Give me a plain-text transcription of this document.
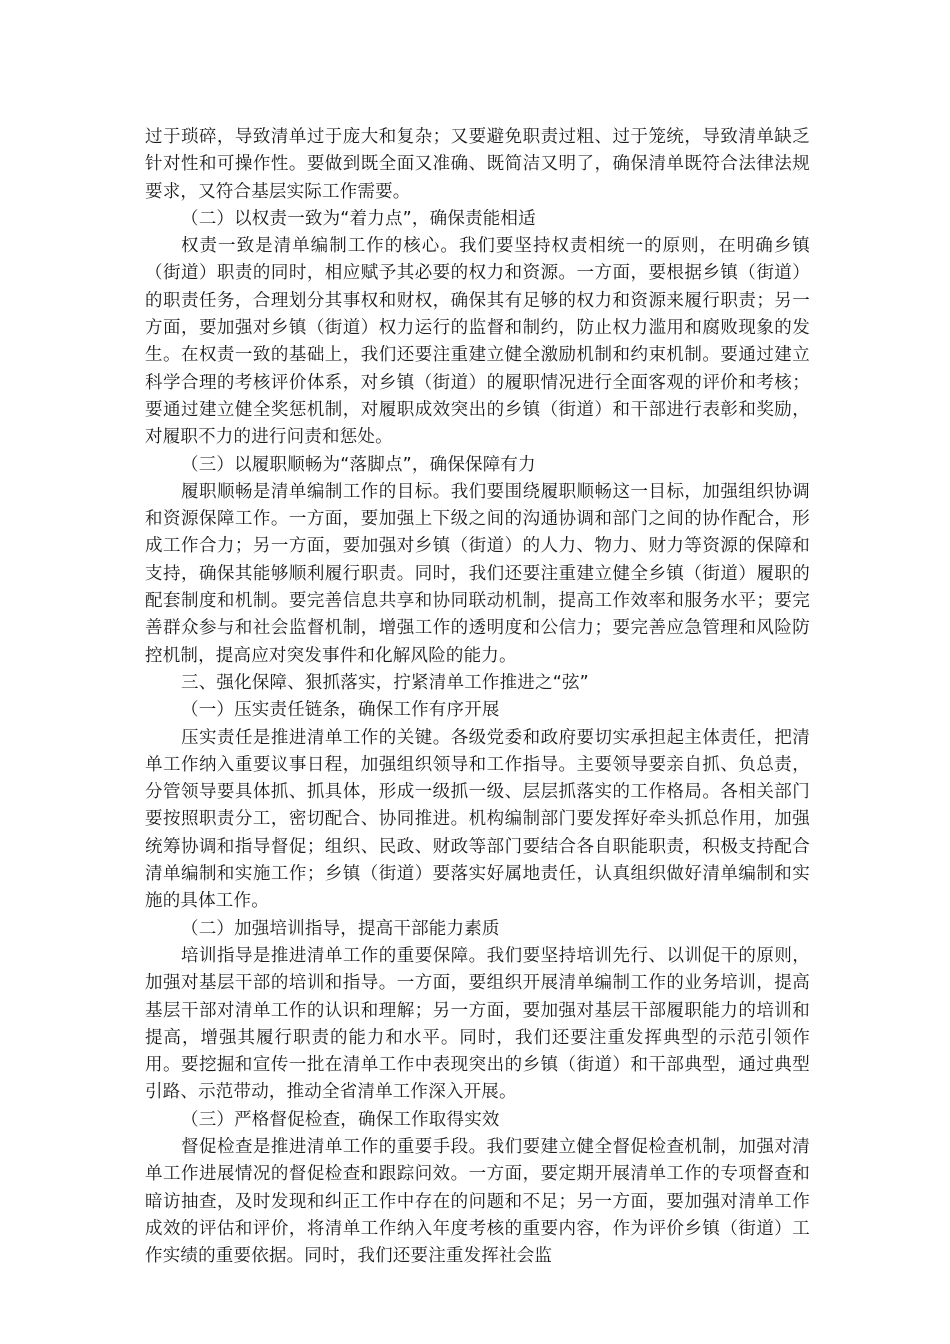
过于琐碎，导致清单过于庞大和复杂；又要避免职责过粗、过于笼统，导致清单缺乏针对性和可操作性。要做到既全面又准确、既简洁又明了，确保清单既符合法律法规要求，又符合基层实际工作需要。

（二）以权责一致为“着力点”，确保责能相适

权责一致是清单编制工作的核心。我们要坚持权责相统一的原则，在明确乡镇（街道）职责的同时，相应赋予其必要的权力和资源。一方面，要根据乡镇（街道）的职责任务，合理划分其事权和财权，确保其有足够的权力和资源来履行职责；另一方面，要加强对乡镇（街道）权力运行的监督和制约，防止权力滥用和腐败现象的发生。在权责一致的基础上，我们还要注重建立健全激励机制和约束机制。要通过建立科学合理的考核评价体系，对乡镇（街道）的履职情况进行全面客观的评价和考核；要通过建立健全奖惩机制，对履职成效突出的乡镇（街道）和干部进行表彰和奖励，对履职不力的进行问责和惩处。

（三）以履职顺畅为“落脚点”，确保保障有力

履职顺畅是清单编制工作的目标。我们要围绕履职顺畅这一目标，加强组织协调和资源保障工作。一方面，要加强上下级之间的沟通协调和部门之间的协作配合，形成工作合力；另一方面，要加强对乡镇（街道）的人力、物力、财力等资源的保障和支持，确保其能够顺利履行职责。同时，我们还要注重建立健全乡镇（街道）履职的配套制度和机制。要完善信息共享和协同联动机制，提高工作效率和服务水平；要完善群众参与和社会监督机制，增强工作的透明度和公信力；要完善应急管理和风险防控机制，提高应对突发事件和化解风险的能力。

三、强化保障、狠抓落实，拧紧清单工作推进之“弦”

（一）压实责任链条，确保工作有序开展

压实责任是推进清单工作的关键。各级党委和政府要切实承担起主体责任，把清单工作纳入重要议事日程，加强组织领导和工作指导。主要领导要亲自抓、负总责，分管领导要具体抓、抓具体，形成一级抓一级、层层抓落实的工作格局。各相关部门要按照职责分工，密切配合、协同推进。机构编制部门要发挥好牵头抓总作用，加强统筹协调和指导督促；组织、民政、财政等部门要结合各自职能职责，积极支持配合清单编制和实施工作；乡镇（街道）要落实好属地责任，认真组织做好清单编制和实施的具体工作。

（二）加强培训指导，提高干部能力素质

培训指导是推进清单工作的重要保障。我们要坚持培训先行、以训促干的原则，加强对基层干部的培训和指导。一方面，要组织开展清单编制工作的业务培训，提高基层干部对清单工作的认识和理解；另一方面，要加强对基层干部履职能力的培训和提高，增强其履行职责的能力和水平。同时，我们还要注重发挥典型的示范引领作用。要挖掘和宣传一批在清单工作中表现突出的乡镇（街道）和干部典型，通过典型引路、示范带动，推动全省清单工作深入开展。

（三）严格督促检查，确保工作取得实效

督促检查是推进清单工作的重要手段。我们要建立健全督促检查机制，加强对清单工作进展情况的督促检查和跟踪问效。一方面，要定期开展清单工作的专项督查和暗访抽查，及时发现和纠正工作中存在的问题和不足；另一方面，要加强对清单工作成效的评估和评价，将清单工作纳入年度考核的重要内容，作为评价乡镇（街道）工作实绩的重要依据。同时，我们还要注重发挥社会监
